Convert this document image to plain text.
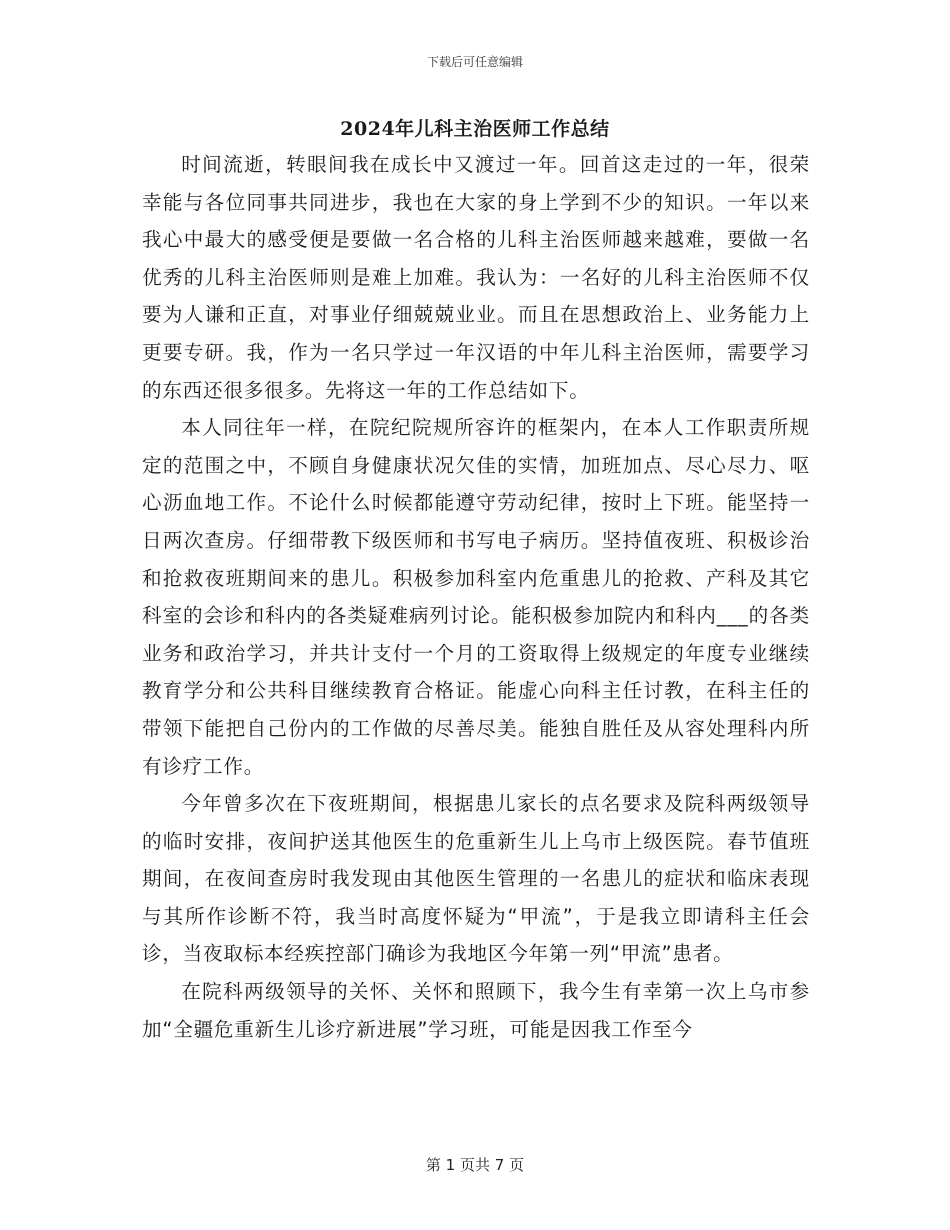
下载后可任意编辑
2024年儿科主治医师工作总结

时间流逝，转眼间我在成长中又渡过一年。回首这走过的一年，很荣幸能与各位同事共同进步，我也在大家的身上学到不少的知识。一年以来我心中最大的感受便是要做一名合格的儿科主治医师越来越难，要做一名优秀的儿科主治医师则是难上加难。我认为：一名好的儿科主治医师不仅要为人谦和正直，对事业仔细兢兢业业。而且在思想政治上、业务能力上更要专研。我，作为一名只学过一年汉语的中年儿科主治医师，需要学习的东西还很多很多。先将这一年的工作总结如下。

本人同往年一样，在院纪院规所容许的框架内，在本人工作职责所规定的范围之中，不顾自身健康状况欠佳的实情，加班加点、尽心尽力、呕心沥血地工作。不论什么时候都能遵守劳动纪律，按时上下班。能坚持一日两次查房。仔细带教下级医师和书写电子病历。坚持值夜班、积极诊治和抢救夜班期间来的患儿。积极参加科室内危重患儿的抢救、产科及其它科室的会诊和科内的各类疑难病列讨论。能积极参加院内和科内___的各类业务和政治学习，并共计支付一个月的工资取得上级规定的年度专业继续教育学分和公共科目继续教育合格证。能虚心向科主任讨教，在科主任的带领下能把自己份内的工作做的尽善尽美。能独自胜任及从容处理科内所有诊疗工作。

今年曾多次在下夜班期间，根据患儿家长的点名要求及院科两级领导的临时安排，夜间护送其他医生的危重新生儿上乌市上级医院。春节值班期间，在夜间查房时我发现由其他医生管理的一名患儿的症状和临床表现与其所作诊断不符，我当时高度怀疑为“甲流”，于是我立即请科主任会诊，当夜取标本经疾控部门确诊为我地区今年第一列“甲流”患者。

在院科两级领导的关怀、关怀和照顾下，我今生有幸第一次上乌市参加“全疆危重新生儿诊疗新进展”学习班，可能是因我工作至今

第 1 页共 7 页
